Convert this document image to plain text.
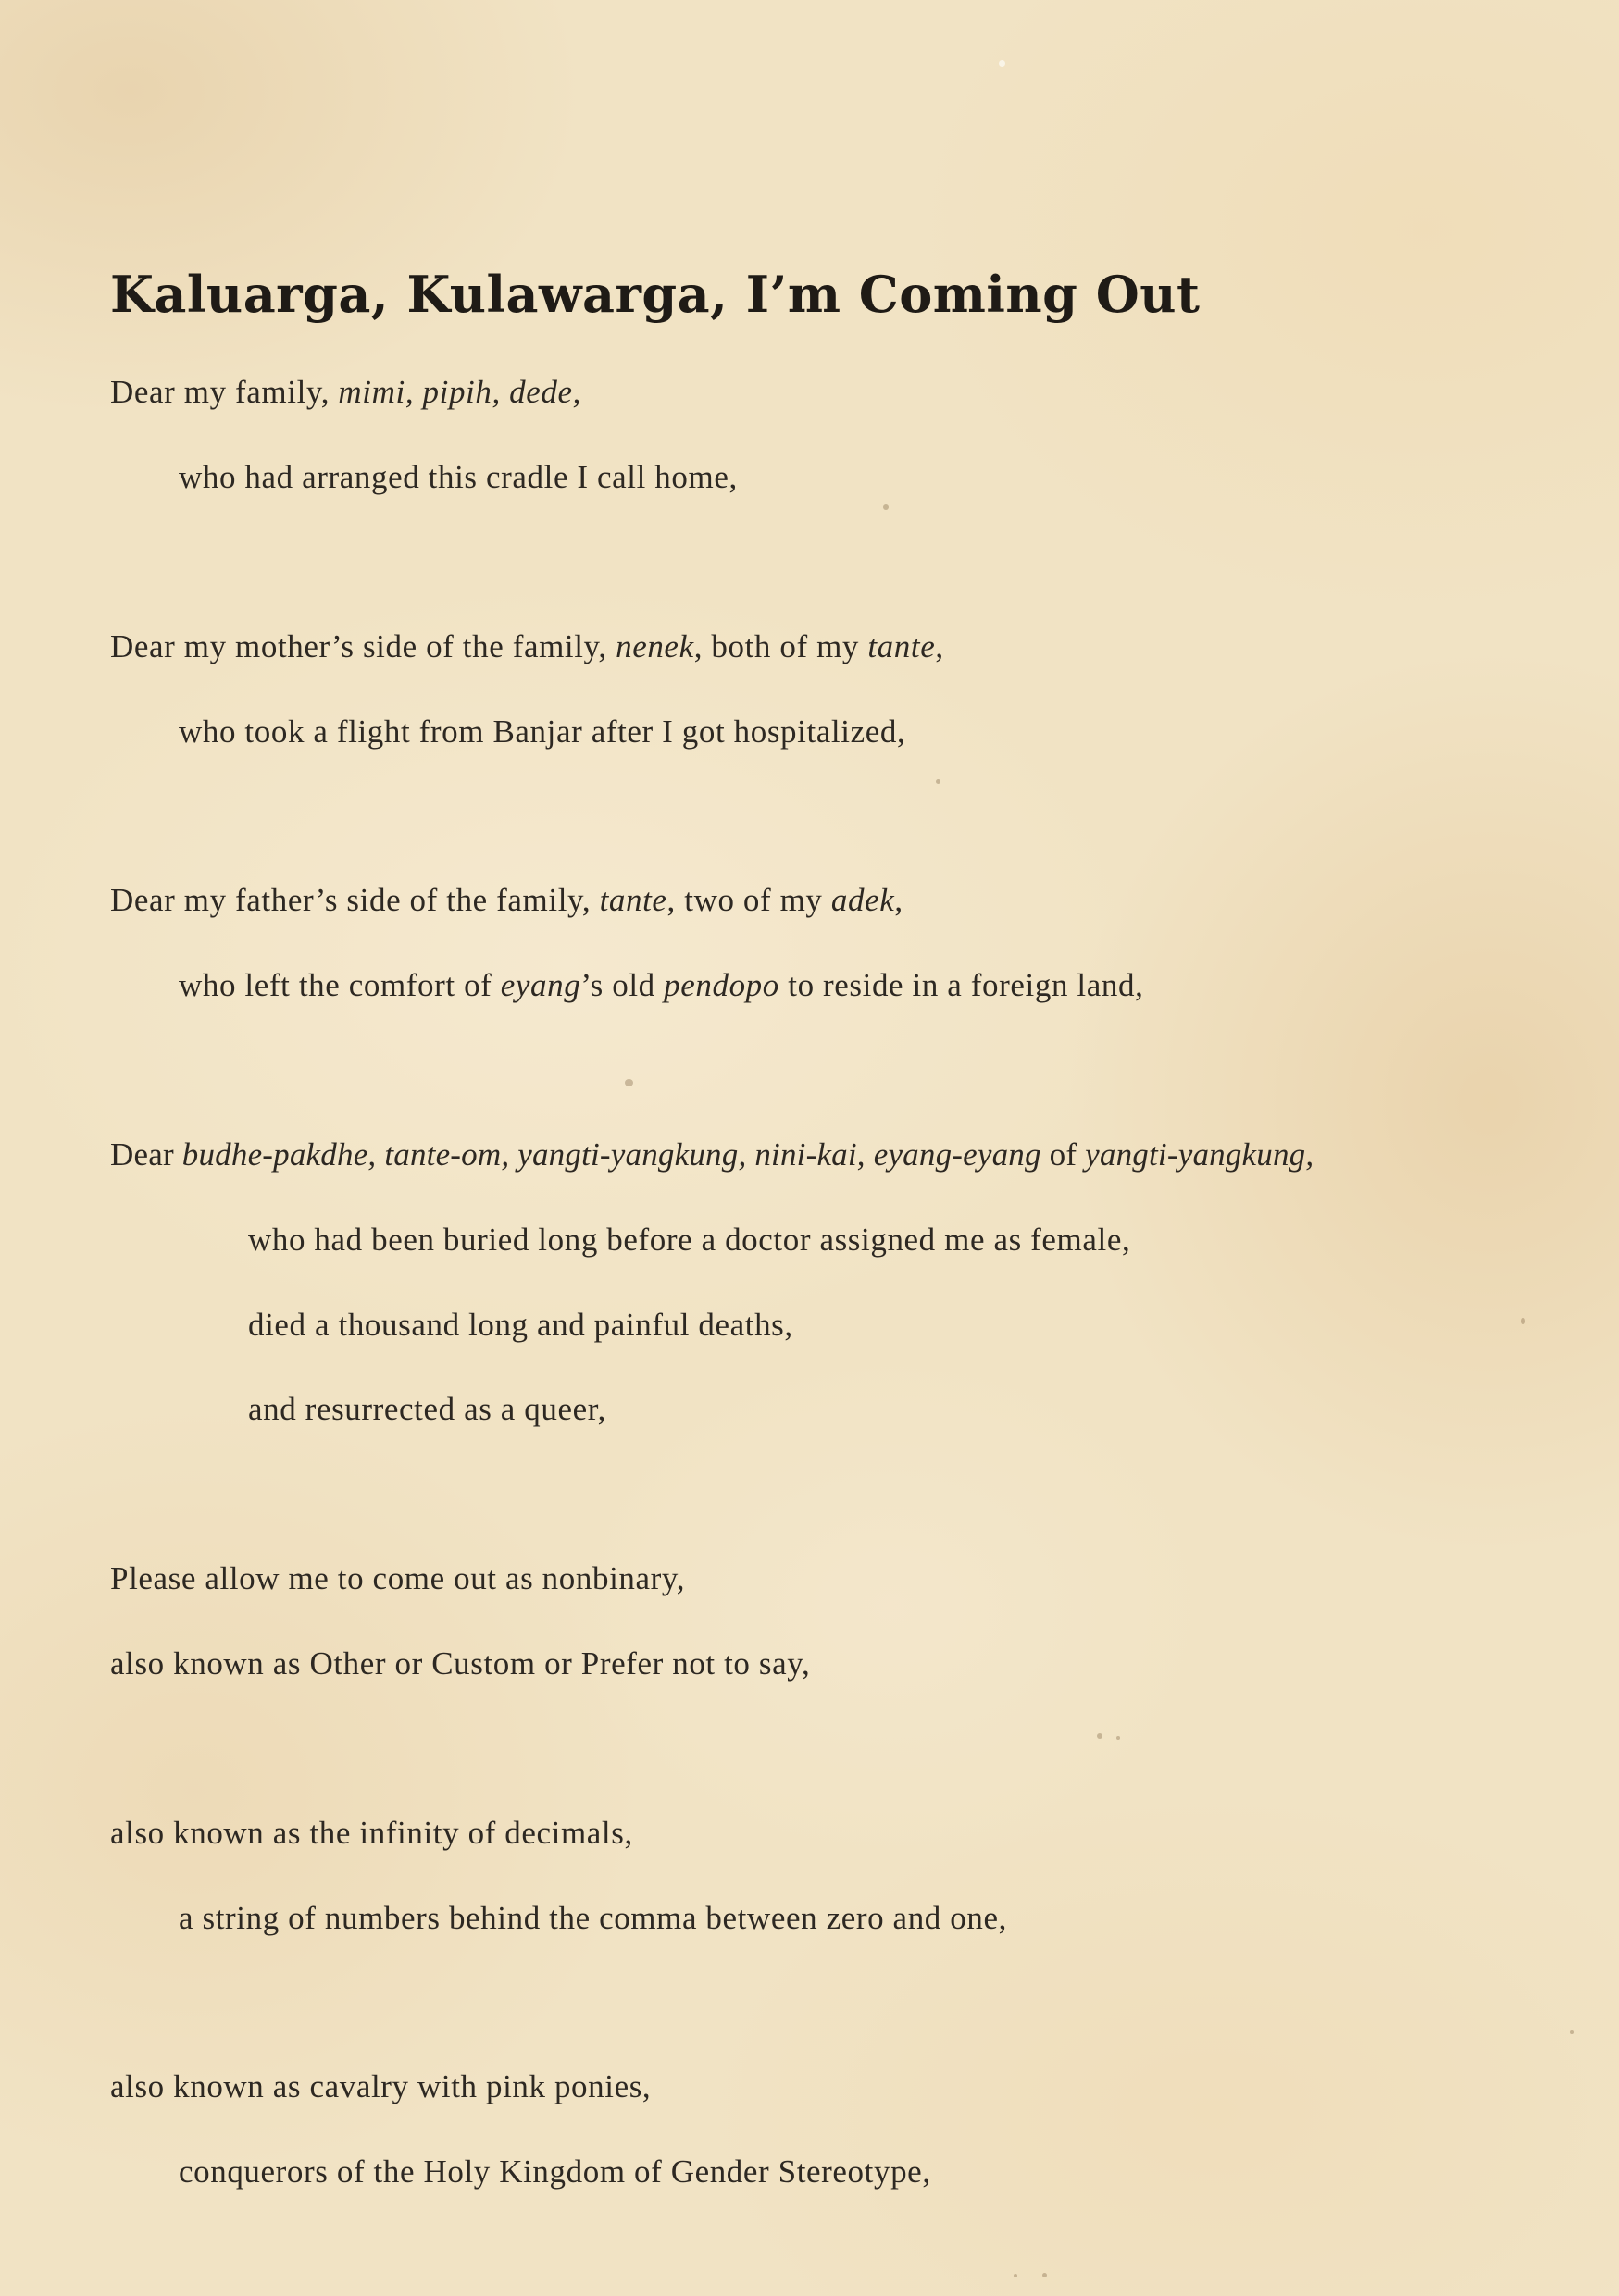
Kaluarga, Kulawarga, I’m Coming Out

Dear my family, mimi, pipih, dede,

who had arranged this cradle I call home,

Dear my mother’s side of the family, nenek, both of my tante,

who took a flight from Banjar after I got hospitalized,

Dear my father’s side of the family, tante, two of my adek,

who left the comfort of eyang’s old pendopo to reside in a foreign land,

Dear budhe-pakdhe, tante-om, yangti-yangkung, nini-kai, eyang-eyang of yangti-yangkung,

who had been buried long before a doctor assigned me as female,

died a thousand long and painful deaths,

and resurrected as a queer,

Please allow me to come out as nonbinary,

also known as Other or Custom or Prefer not to say,

also known as the infinity of decimals,

a string of numbers behind the comma between zero and one,

also known as cavalry with pink ponies,

conquerors of the Holy Kingdom of Gender Stereotype,
